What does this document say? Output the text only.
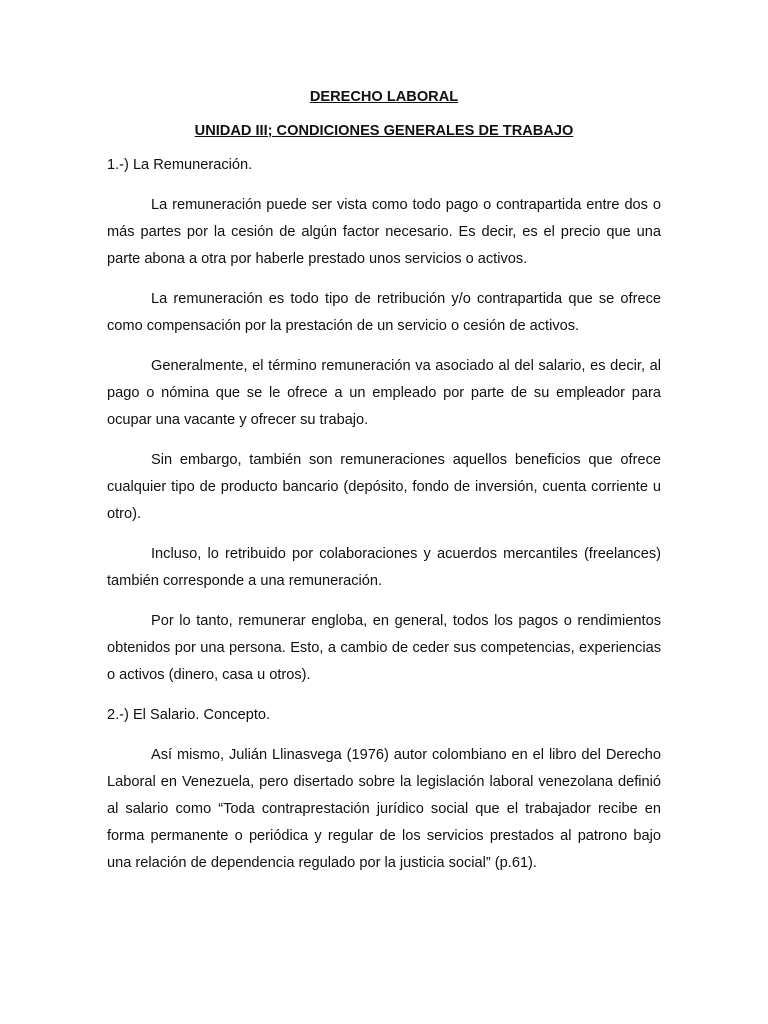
DERECHO LABORAL

UNIDAD III; CONDICIONES GENERALES DE TRABAJO

1.-) La Remuneración.

La remuneración puede ser vista como todo pago o contrapartida entre dos o más partes por la cesión de algún factor necesario. Es decir, es el precio que una parte abona a otra por haberle prestado unos servicios o activos.

La remuneración es todo tipo de retribución y/o contrapartida que se ofrece como compensación por la prestación de un servicio o cesión de activos.

Generalmente, el término remuneración va asociado al del salario, es decir, al pago o nómina que se le ofrece a un empleado por parte de su empleador para ocupar una vacante y ofrecer su trabajo.

Sin embargo, también son remuneraciones aquellos beneficios que ofrece cualquier tipo de producto bancario (depósito, fondo de inversión, cuenta corriente u otro).

Incluso, lo retribuido por colaboraciones y acuerdos mercantiles (freelances) también corresponde a una remuneración.

Por lo tanto, remunerar engloba, en general, todos los pagos o rendimientos obtenidos por una persona. Esto, a cambio de ceder sus competencias, experiencias o activos (dinero, casa u otros).

2.-) El Salario. Concepto.

Así mismo, Julián Llinasvega (1976) autor colombiano en el libro del Derecho Laboral en Venezuela, pero disertado sobre la legislación laboral venezolana definió al salario como “Toda contraprestación jurídico social que el trabajador recibe en forma permanente o periódica y regular de los servicios prestados al patrono bajo una relación de dependencia regulado por la justicia social” (p.61).
